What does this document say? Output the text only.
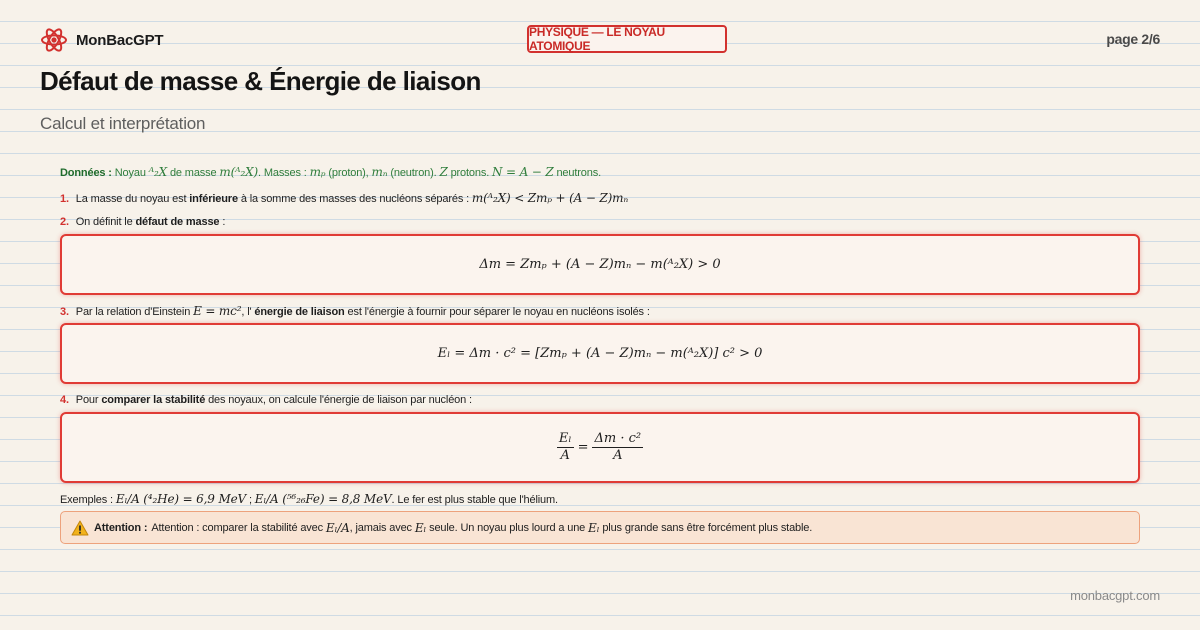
MonBacGPT	PHYSIQUE — LE NOYAU ATOMIQUE	page 2/6
Défaut de masse & Énergie de liaison
Calcul et interprétation
Données : Noyau ᴬ₂X de masse m(ᴬ₂X). Masses : mₚ (proton), mₙ (neutron). Z protons. N = A − Z neutrons.
1. La masse du noyau est inférieure à la somme des masses des nucléons séparés : m(ᴬ₂X) < Zmₚ + (A − Z)mₙ
2. On définit le défaut de masse :
Δm = Zmₚ + (A − Z)mₙ − m(ᴬ₂X) > 0
3. Par la relation d'Einstein E = mc², l' énergie de liaison est l'énergie à fournir pour séparer le noyau en nucléons isolés :
Eₗ = Δm · c² = [Zmₚ + (A − Z)mₙ − m(ᴬ₂X)] c² > 0
4. Pour comparer la stabilité des noyaux, on calcule l'énergie de liaison par nucléon :
$\frac{\text{Eₗ}}{A} = \frac{\text{Δm · c²}}{A}$
Exemples : Eₗ/A (⁴₂He) = 6,9 MeV ; Eₗ/A (⁵⁶₂₆Fe) = 8,8 MeV. Le fer est plus stable que l'hélium.
Attention : Attention : comparer la stabilité avec
Eₗ/A , jamais avec
Eₗ
seule. Un noyau plus lourd a une
Eₗ
plus grande sans être forcément plus stable.
monbacgpt.com
